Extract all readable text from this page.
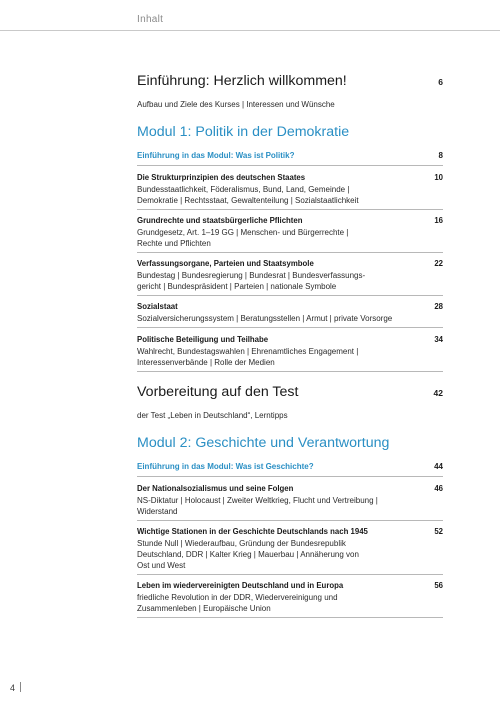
Inhalt
Einführung: Herzlich willkommen!	6
Aufbau und Ziele des Kurses | Interessen und Wünsche
Modul 1: Politik in der Demokratie
Einführung in das Modul: Was ist Politik?	8
Die Strukturprinzipien des deutschen Staates	10
Bundesstaatlichkeit, Föderalismus, Bund, Land, Gemeinde |
Demokratie | Rechtsstaat, Gewaltenteilung | Sozialstaatlichkeit
Grundrechte und staatsbürgerliche Pflichten	16
Grundgesetz, Art. 1–19 GG | Menschen- und Bürgerrechte |
Rechte und Pflichten
Verfassungsorgane, Parteien und Staatsymbole	22
Bundestag | Bundesregierung | Bundesrat | Bundesverfassungs-
gericht | Bundespräsident | Parteien | nationale Symbole
Sozialstaat	28
Sozialversicherungssystem | Beratungsstellen | Armut | private Vorsorge
Politische Beteiligung und Teilhabe	34
Wahlrecht, Bundestagswahlen | Ehrenamtliches Engagement |
Interessenverbände | Rolle der Medien
Vorbereitung auf den Test	42
der Test „Leben in Deutschland“, Lerntipps
Modul 2: Geschichte und Verantwortung
Einführung in das Modul: Was ist Geschichte?	44
Der Nationalsozialismus und seine Folgen	46
NS-Diktatur | Holocaust | Zweiter Weltkrieg, Flucht und Vertreibung |
Widerstand
Wichtige Stationen in der Geschichte Deutschlands nach 1945	52
Stunde Null | Wiederaufbau, Gründung der Bundesrepublik
Deutschland, DDR | Kalter Krieg | Mauerbau | Annäherung von
Ost und West
Leben im wiedervereinigten Deutschland und in Europa	56
friedliche Revolution in der DDR, Wiedervereinigung und
Zusammenleben | Europäische Union
4
